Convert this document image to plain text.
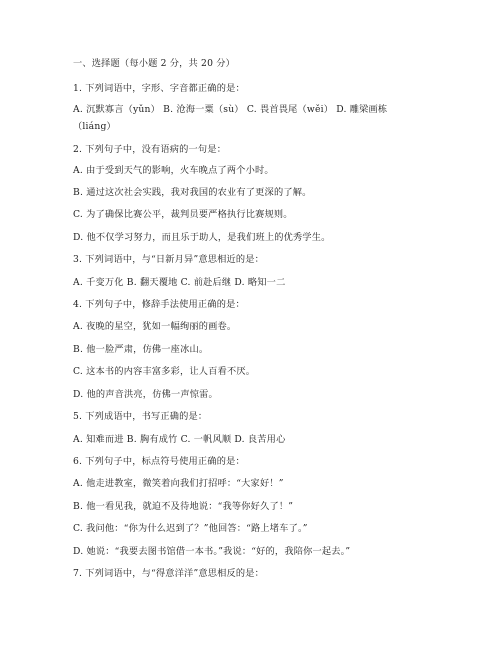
一、选择题（每小题 2 分，共 20 分）
1. 下列词语中，字形、字音都正确的是：
A. 沉默寡言（yǔn） B. 沧海一粟（sù） C. 畏首畏尾（wěi） D. 雕梁画栋
（liáng）
2. 下列句子中，没有语病的一句是：
A. 由于受到天气的影响，火车晚点了两个小时。
B. 通过这次社会实践，我对我国的农业有了更深的了解。
C. 为了确保比赛公平，裁判员要严格执行比赛规则。
D. 他不仅学习努力，而且乐于助人，是我们班上的优秀学生。
3. 下列词语中，与“日新月异”意思相近的是：
A. 千变万化 B. 翻天覆地 C. 前赴后继 D. 略知一二
4. 下列句子中，修辞手法使用正确的是：
A. 夜晚的星空，犹如一幅绚丽的画卷。
B. 他一脸严肃，仿佛一座冰山。
C. 这本书的内容丰富多彩，让人百看不厌。
D. 他的声音洪亮，仿佛一声惊雷。
5. 下列成语中，书写正确的是：
A. 知难而进 B. 胸有成竹 C. 一帆风顺 D. 良苦用心
6. 下列句子中，标点符号使用正确的是：
A. 他走进教室，微笑着向我们打招呼：“大家好！”
B. 他一看见我，就迫不及待地说：“我等你好久了！”
C. 我问他：“你为什么迟到了？”他回答：“路上堵车了。”
D. 她说：“我要去图书馆借一本书。”我说：“好的，我陪你一起去。”
7. 下列词语中，与“得意洋洋”意思相反的是：
